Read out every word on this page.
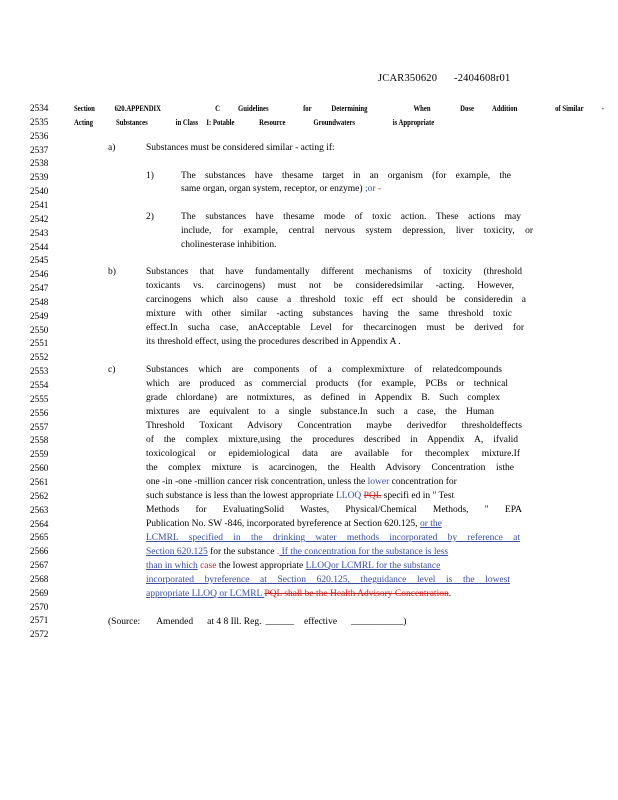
JCAR350620 -2404608r01
2534
2535
2536
2537
2538
2539
2540
2541
2542
2543
2544
2545
2546
2547
2548
2549
2550
2551
2552
2553
2554
2555
2556
2557
2558
2559
2560
2561
2562
2563
2564
2565
2566
2567
2568
2569
2570
2571
2572
Section 620.APPENDIX	C Guidelines	for Determining	When	Dose Addition	of Similar -
Acting	Substances	in Class I: Potable	Resource	Groundwaters	is Appropriate
a)	Substances must be considered similar - acting if:
1)	The substances have thesame target in an organism (for example, the
same organ, organ system, receptor, or enzyme) ;or -
2)	The substances have thesame mode of toxic action. These actions may
include, for example, central nervous system depression, liver toxicity, or
cholinesterase inhibition.
b)	Substances that have fundamentally different mechanisms of toxicity (threshold
toxicants vs. carcinogens) must not be consideredsimilar -acting. However,
carcinogens which also cause a threshold toxic eff ect should be consideredin a
mixture with other similar -acting substances having the same threshold toxic
effect.In sucha case, anAcceptable Level for thecarcinogen must be derived for
its threshold effect, using the procedures described in Appendix A .
c)	Substances which are components of a complexmixture of relatedcompounds
which are produced as commercial products (for example, PCBs or technical
grade chlordane) are notmixtures, as defined in Appendix B. Such complex
mixtures are equivalent to a single substance.In such a case, the Human
Threshold Toxicant Advisory Concentration maybe derivedfor thresholdeffects
of the complex mixture,using the procedures described in Appendix A, ifvalid
toxicological or epidemiological data are available for thecomplex mixture.If
the complex mixture is acarcinogen, the Health Advisory Concentration isthe
one -in -one -million cancer risk concentration, unless the lower concentration for
such substance is less than the lowest appropriate LLOQ PQL specifi ed in " Test
Methods for EvaluatingSolid Wastes, Physical/Chemical Methods, " EPA
Publication No. SW -846, incorporated byreference at Section 620.125, or the
LCMRL specified in the drinking water methods incorporated by reference at
Section 620.125 for the substance . If the concentration for the substance is less
than in which case the lowest appropriate LLOQor LCMRL for the substance
incorporated byreference at Section 620.125, theguidance level is the lowest
appropriate LLOQ or LCMRL PQL shall be the Health Advisory Concentration.
(Source: Amended at 4 8 Ill. Reg. ______ effective ___________)
